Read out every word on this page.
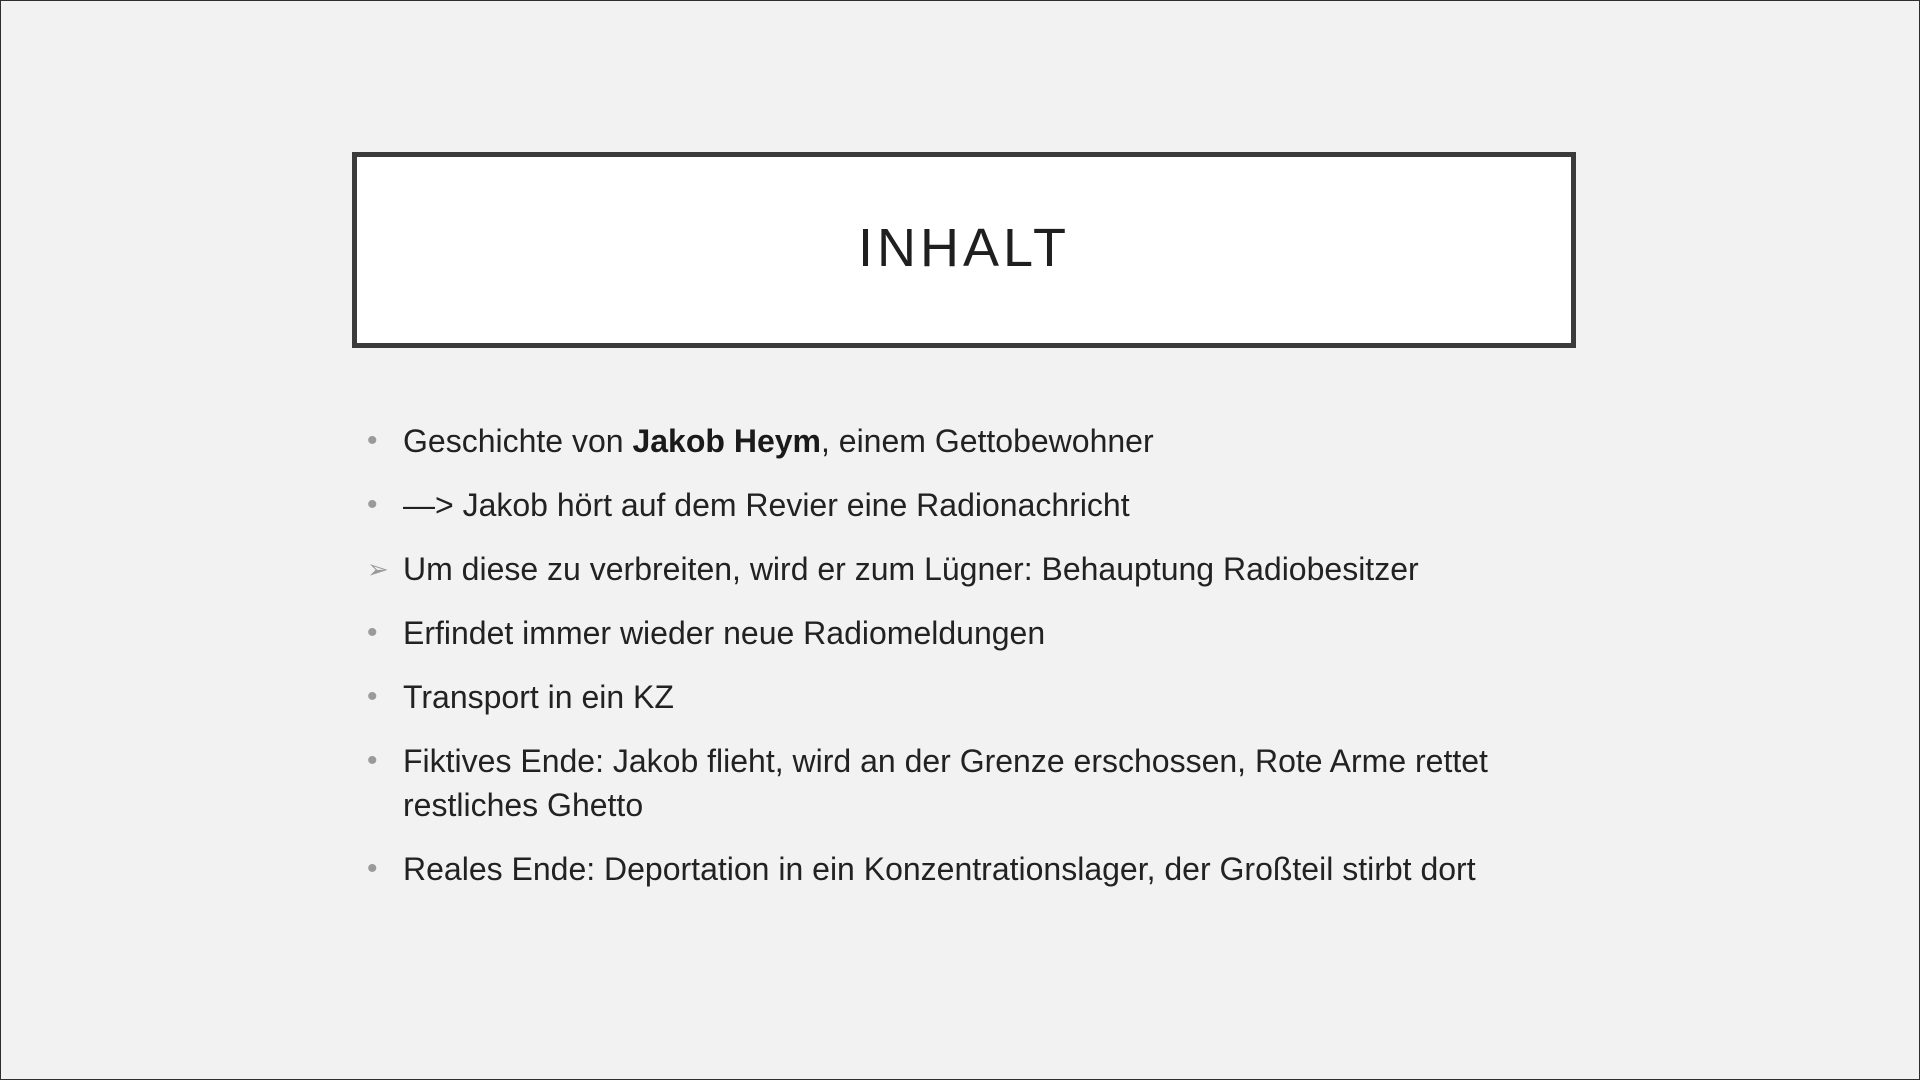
INHALT
• Geschichte von Jakob Heym, einem Gettobewohner
• —> Jakob hört auf dem Revier eine Radionachricht
➢ Um diese zu verbreiten, wird er zum Lügner: Behauptung Radiobesitzer
• Erfindet immer wieder neue Radiomeldungen
• Transport in ein KZ
• Fiktives Ende: Jakob flieht, wird an der Grenze erschossen, Rote Arme rettet restliches Ghetto
• Reales Ende: Deportation in ein Konzentrationslager, der Großteil stirbt dort
